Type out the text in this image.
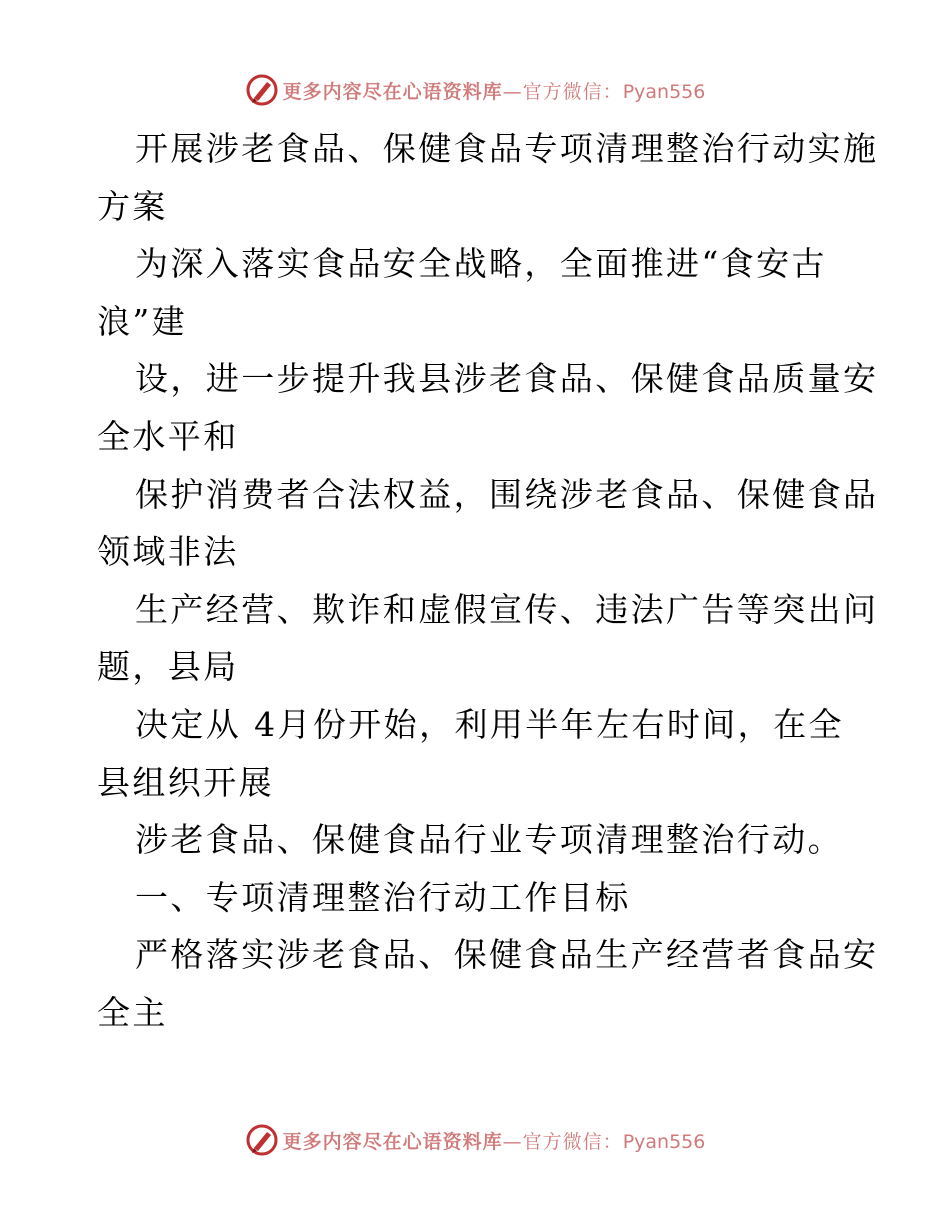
更多内容尽在心语资料库—官方微信：Pyan556
开展涉老食品、保健食品专项清理整治行动实施
方案
为深入落实食品安全战略，全面推进“食安古
浪”建
设，进一步提升我县涉老食品、保健食品质量安
全水平和
保护消费者合法权益，围绕涉老食品、保健食品
领域非法
生产经营、欺诈和虚假宣传、违法广告等突出问
题，县局
决定从 4月份开始，利用半年左右时间，在全
县组织开展
涉老食品、保健食品行业专项清理整治行动。
一、专项清理整治行动工作目标
严格落实涉老食品、保健食品生产经营者食品安
全主
更多内容尽在心语资料库—官方微信：Pyan556
